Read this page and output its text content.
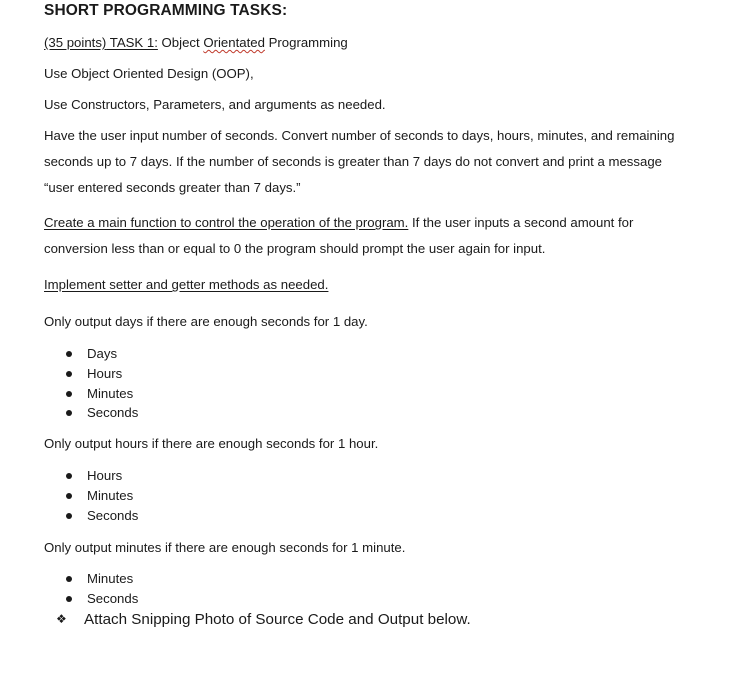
SHORT PROGRAMMING TASKS:
(35 points) TASK 1: Object Orientated Programming
Use Object Oriented Design (OOP),
Use Constructors, Parameters, and arguments as needed.
Have the user input number of seconds. Convert number of seconds to days, hours, minutes, and remaining
seconds up to 7 days. If the number of seconds is greater than 7 days do not convert and print a message
“user entered seconds greater than 7 days.”
Create a main function to control the operation of the program. If the user inputs a second amount for
conversion less than or equal to 0 the program should prompt the user again for input.
Implement setter and getter methods as needed.
Only output days if there are enough seconds for 1 day.
Days
Hours
Minutes
Seconds
Only output hours if there are enough seconds for 1 hour.
Hours
Minutes
Seconds
Only output minutes if there are enough seconds for 1 minute.
Minutes
Seconds
❖ Attach Snipping Photo of Source Code and Output below.
